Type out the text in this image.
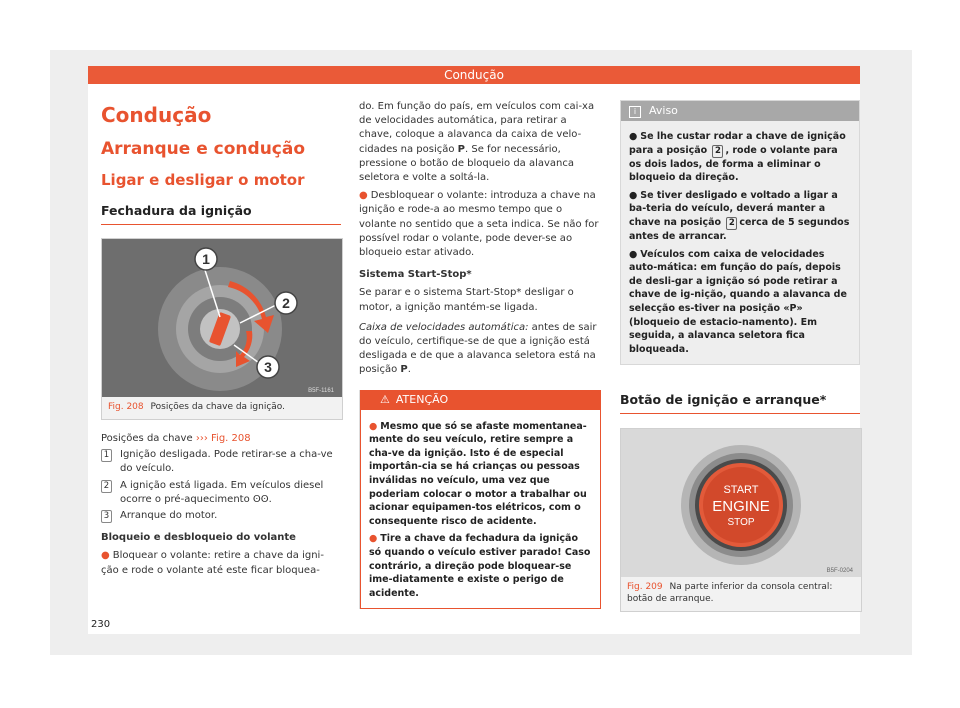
Condução
Condução
Arranque e condução
Ligar e desligar o motor
Fechadura da ignição
1
2
3
B5F-1161
Fig. 208 Posições da chave da ignição.

Posições da chave ››› Fig. 208

1 Ignição desligada. Pode retirar-se a cha-ve do veículo.
2 A ignição está ligada. Em veículos diesel ocorre o pré-aquecimento ʘʘ.
3 Arranque do motor.

Bloqueio e desbloqueio do volante

● Bloquear o volante: retire a chave da igni-ção e rode o volante até este ficar bloquea-

do. Em função do país, em veículos com cai-xa de velocidades automática, para retirar a chave, coloque a alavanca da caixa de velo-cidades na posição P. Se for necessário, pressione o botão de bloqueio da alavanca seletora e volte a soltá-la.

● Desbloquear o volante: introduza a chave na ignição e rode-a ao mesmo tempo que o volante no sentido que a seta indica. Se não for possível rodar o volante, pode dever-se ao bloqueio estar ativado.

Sistema Start-Stop*

Se parar e o sistema Start-Stop* desligar o motor, a ignição mantém-se ligada.

Caixa de velocidades automática: antes de sair do veículo, certifique-se de que a ignição está desligada e de que a alavanca seletora está na posição P.

⚠ ATENÇÃO
● Mesmo que só se afaste momentanea-mente do seu veículo, retire sempre a cha-ve da ignição. Isto é de especial importân-cia se há crianças ou pessoas inválidas no veículo, uma vez que poderiam colocar o motor a trabalhar ou acionar equipamen-tos elétricos, com o consequente risco de acidente.
● Tire a chave da fechadura da ignição só quando o veículo estiver parado! Caso contrário, a direção pode bloquear-se ime-diatamente e existe o perigo de acidente.
i Aviso
● Se lhe custar rodar a chave de ignição para a posição 2 , rode o volante para os dois lados, de forma a eliminar o bloqueio da direção.
● Se tiver desligado e voltado a ligar a ba-teria do veículo, deverá manter a chave na posição 2 cerca de 5 segundos antes de arrancar.
● Veículos com caixa de velocidades auto-mática: em função do país, depois de desli-gar a ignição só pode retirar a chave de ig-nição, quando a alavanca de selecção es-tiver na posição «P» (bloqueio de estacio-namento). Em seguida, a alavanca seletora fica bloqueada.
Botão de ignição e arranque*
START
ENGINE
STOP
B5F-0204
Fig. 209 Na parte inferior da consola central: botão de arranque.
230
